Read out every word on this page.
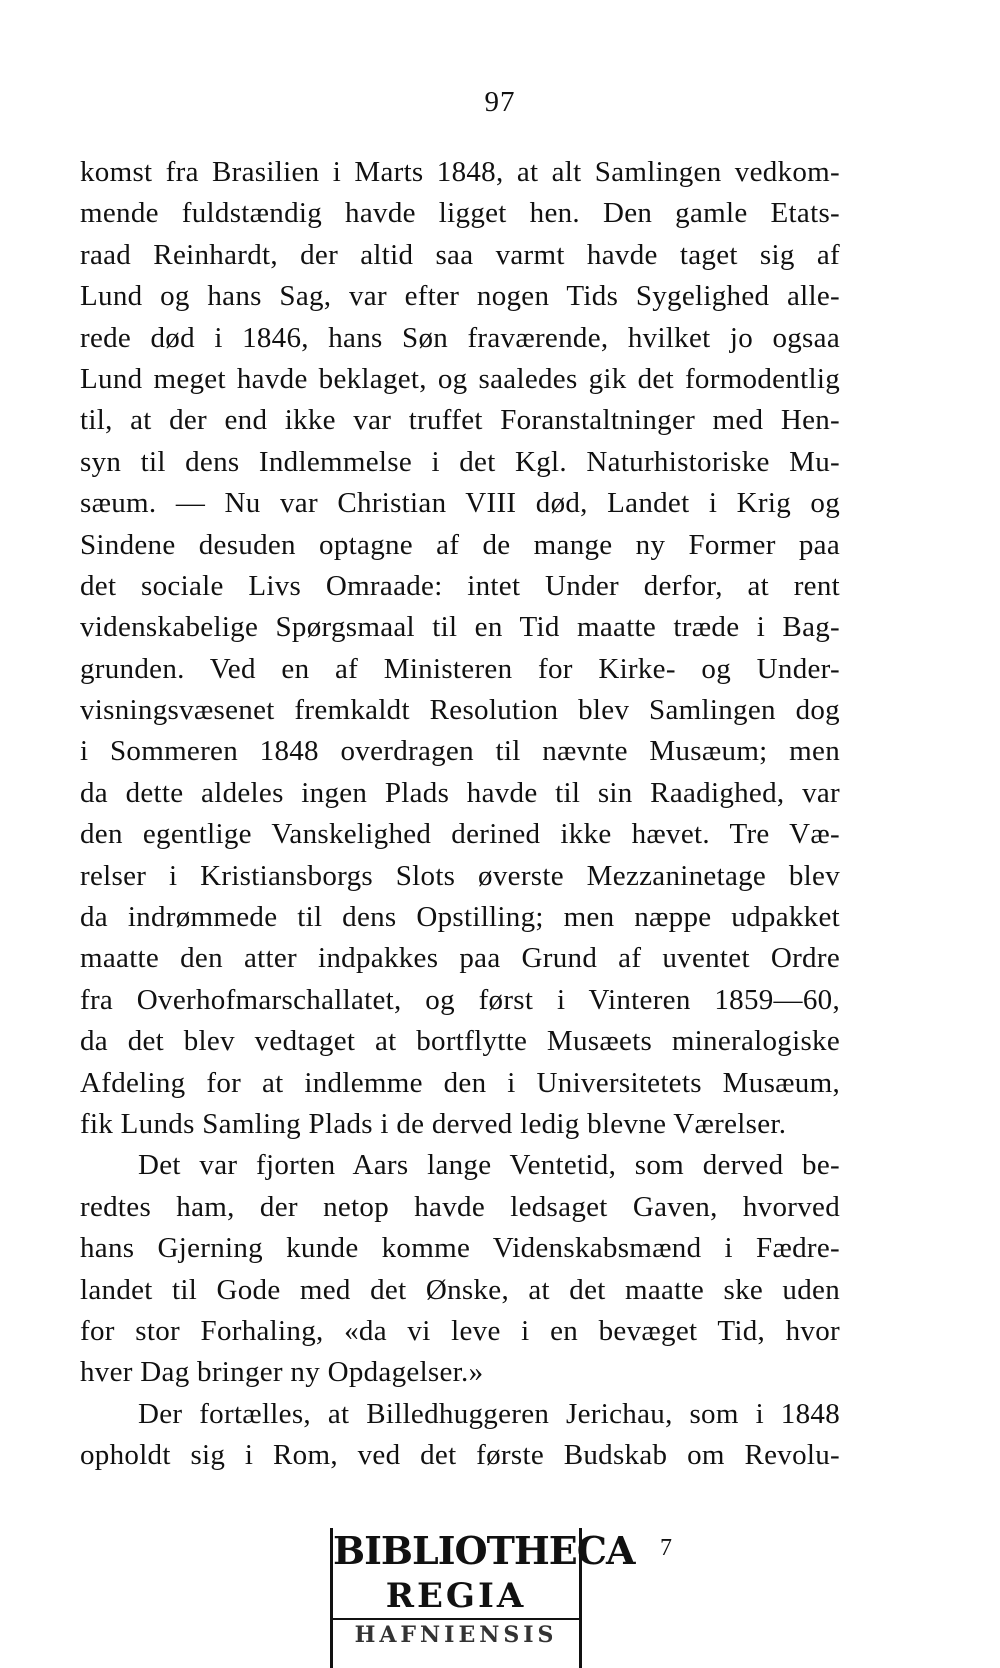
97
komst fra Brasilien i Marts 1848, at alt Samlingen vedkom-
mende fuldstændig havde ligget hen. Den gamle Etats-
raad Reinhardt, der altid saa varmt havde taget sig af
Lund og hans Sag, var efter nogen Tids Sygelighed alle-
rede død i 1846, hans Søn fraværende, hvilket jo ogsaa
Lund meget havde beklaget, og saaledes gik det formodentlig
til, at der end ikke var truffet Foranstaltninger med Hen-
syn til dens Indlemmelse i det Kgl. Naturhistoriske Mu-
sæum. — Nu var Christian VIII død, Landet i Krig og
Sindene desuden optagne af de mange ny Former paa
det sociale Livs Omraade: intet Under derfor, at rent
videnskabelige Spørgsmaal til en Tid maatte træde i Bag-
grunden. Ved en af Ministeren for Kirke- og Under-
visningsvæsenet fremkaldt Resolution blev Samlingen dog
i Sommeren 1848 overdragen til nævnte Musæum; men
da dette aldeles ingen Plads havde til sin Raadighed, var
den egentlige Vanskelighed derined ikke hævet. Tre Væ-
relser i Kristiansborgs Slots øverste Mezzaninetage blev
da indrømmede til dens Opstilling; men næppe udpakket
maatte den atter indpakkes paa Grund af uventet Ordre
fra Overhofmarschallatet, og først i Vinteren 1859—60,
da det blev vedtaget at bortflytte Musæets mineralogiske
Afdeling for at indlemme den i Universitetets Musæum,
fik Lunds Samling Plads i de derved ledig blevne Værelser.
Det var fjorten Aars lange Ventetid, som derved be-
redtes ham, der netop havde ledsaget Gaven, hvorved
hans Gjerning kunde komme Videnskabsmænd i Fædre-
landet til Gode med det Ønske, at det maatte ske uden
for stor Forhaling, «da vi leve i en bevæget Tid, hvor
hver Dag bringer ny Opdagelser.»
Der fortælles, at Billedhuggeren Jerichau, som i 1848
opholdt sig i Rom, ved det første Budskab om Revolu-
7
BIBLIOTHECA
REGIA
HAFNIENSIS
